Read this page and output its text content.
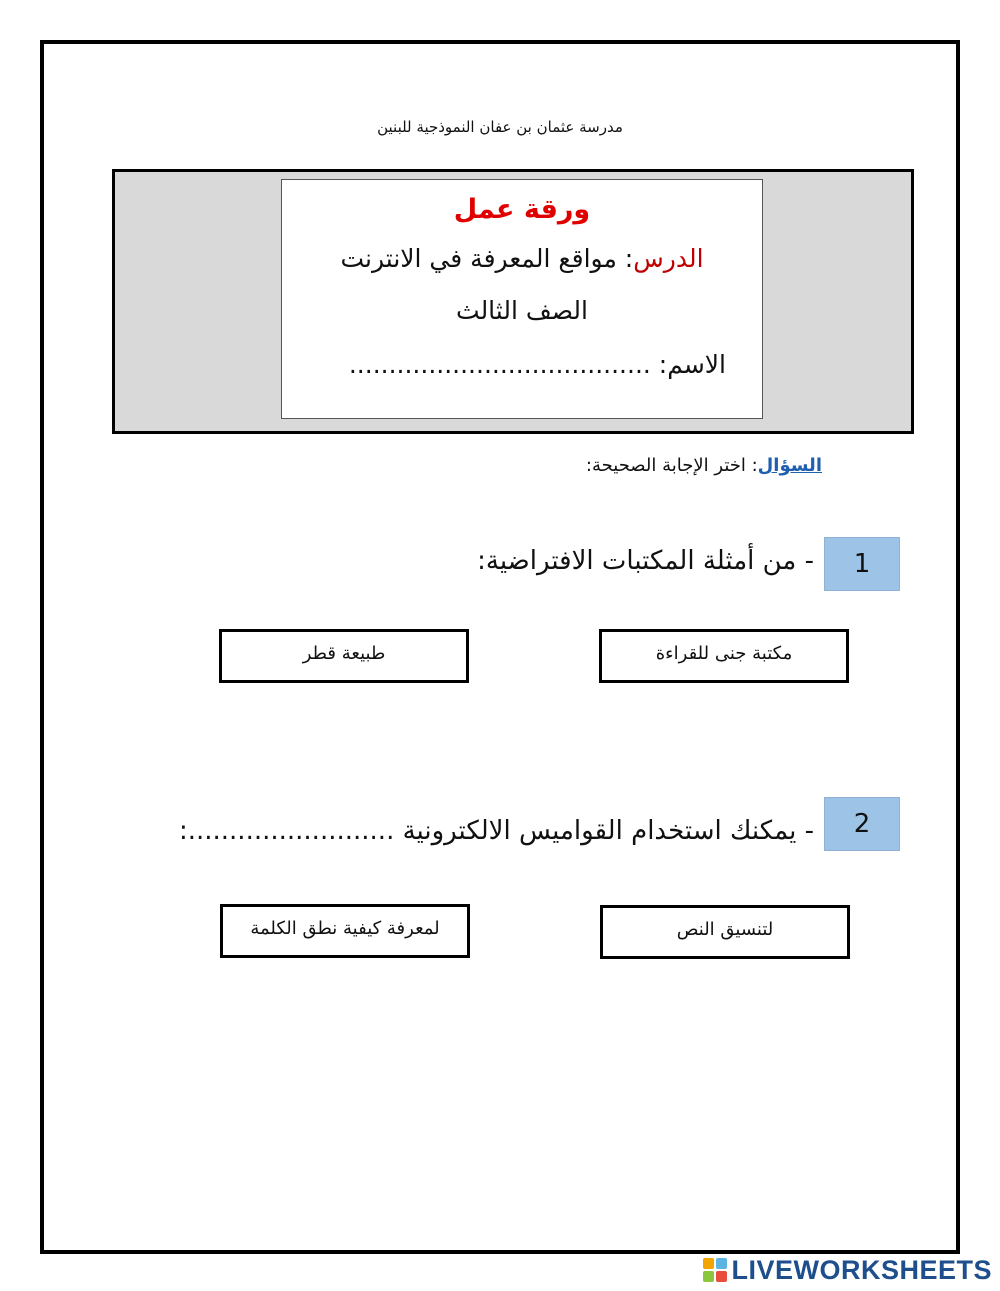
مدرسة عثمان بن عفان النموذجية للبنين
ورقة عمل
الدرس: مواقع المعرفة في الانترنت
الصف الثالث
الاسم: ......................................
السؤال: اختر الإجابة الصحيحة:
1
- من أمثلة المكتبات الافتراضية:
مكتبة جنى للقراءة
طبيعة قطر
2
- يمكنك استخدام القواميس الالكترونية .........................:
لتنسيق النص
لمعرفة كيفية نطق الكلمة
LIVEWORKSHEETS
